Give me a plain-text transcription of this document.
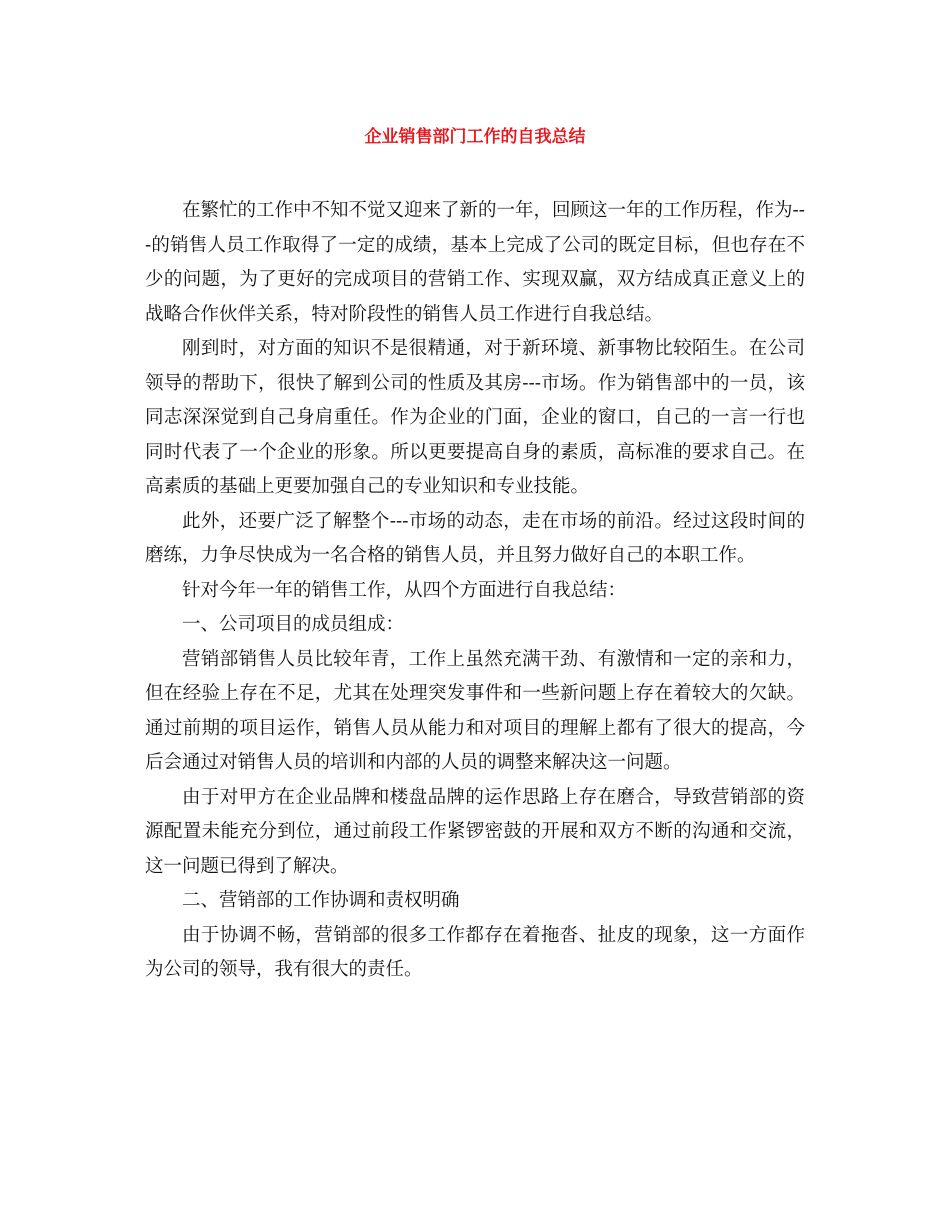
企业销售部门工作的自我总结

在繁忙的工作中不知不觉又迎来了新的一年，回顾这一年的工作历程，作为---的销售人员工作取得了一定的成绩，基本上完成了公司的既定目标，但也存在不少的问题，为了更好的完成项目的营销工作、实现双赢，双方结成真正意义上的战略合作伙伴关系，特对阶段性的销售人员工作进行自我总结。

刚到时，对方面的知识不是很精通，对于新环境、新事物比较陌生。在公司领导的帮助下，很快了解到公司的性质及其房---市场。作为销售部中的一员，该同志深深觉到自己身肩重任。作为企业的门面，企业的窗口，自己的一言一行也同时代表了一个企业的形象。所以更要提高自身的素质，高标准的要求自己。在高素质的基础上更要加强自己的专业知识和专业技能。

此外，还要广泛了解整个---市场的动态，走在市场的前沿。经过这段时间的磨练，力争尽快成为一名合格的销售人员，并且努力做好自己的本职工作。

针对今年一年的销售工作，从四个方面进行自我总结：

一、公司项目的成员组成：

营销部销售人员比较年青，工作上虽然充满干劲、有激情和一定的亲和力，但在经验上存在不足，尤其在处理突发事件和一些新问题上存在着较大的欠缺。通过前期的项目运作，销售人员从能力和对项目的理解上都有了很大的提高，今后会通过对销售人员的培训和内部的人员的调整来解决这一问题。

由于对甲方在企业品牌和楼盘品牌的运作思路上存在磨合，导致营销部的资源配置未能充分到位，通过前段工作紧锣密鼓的开展和双方不断的沟通和交流，这一问题已得到了解决。

二、营销部的工作协调和责权明确

由于协调不畅，营销部的很多工作都存在着拖沓、扯皮的现象，这一方面作为公司的领导，我有很大的责任。
